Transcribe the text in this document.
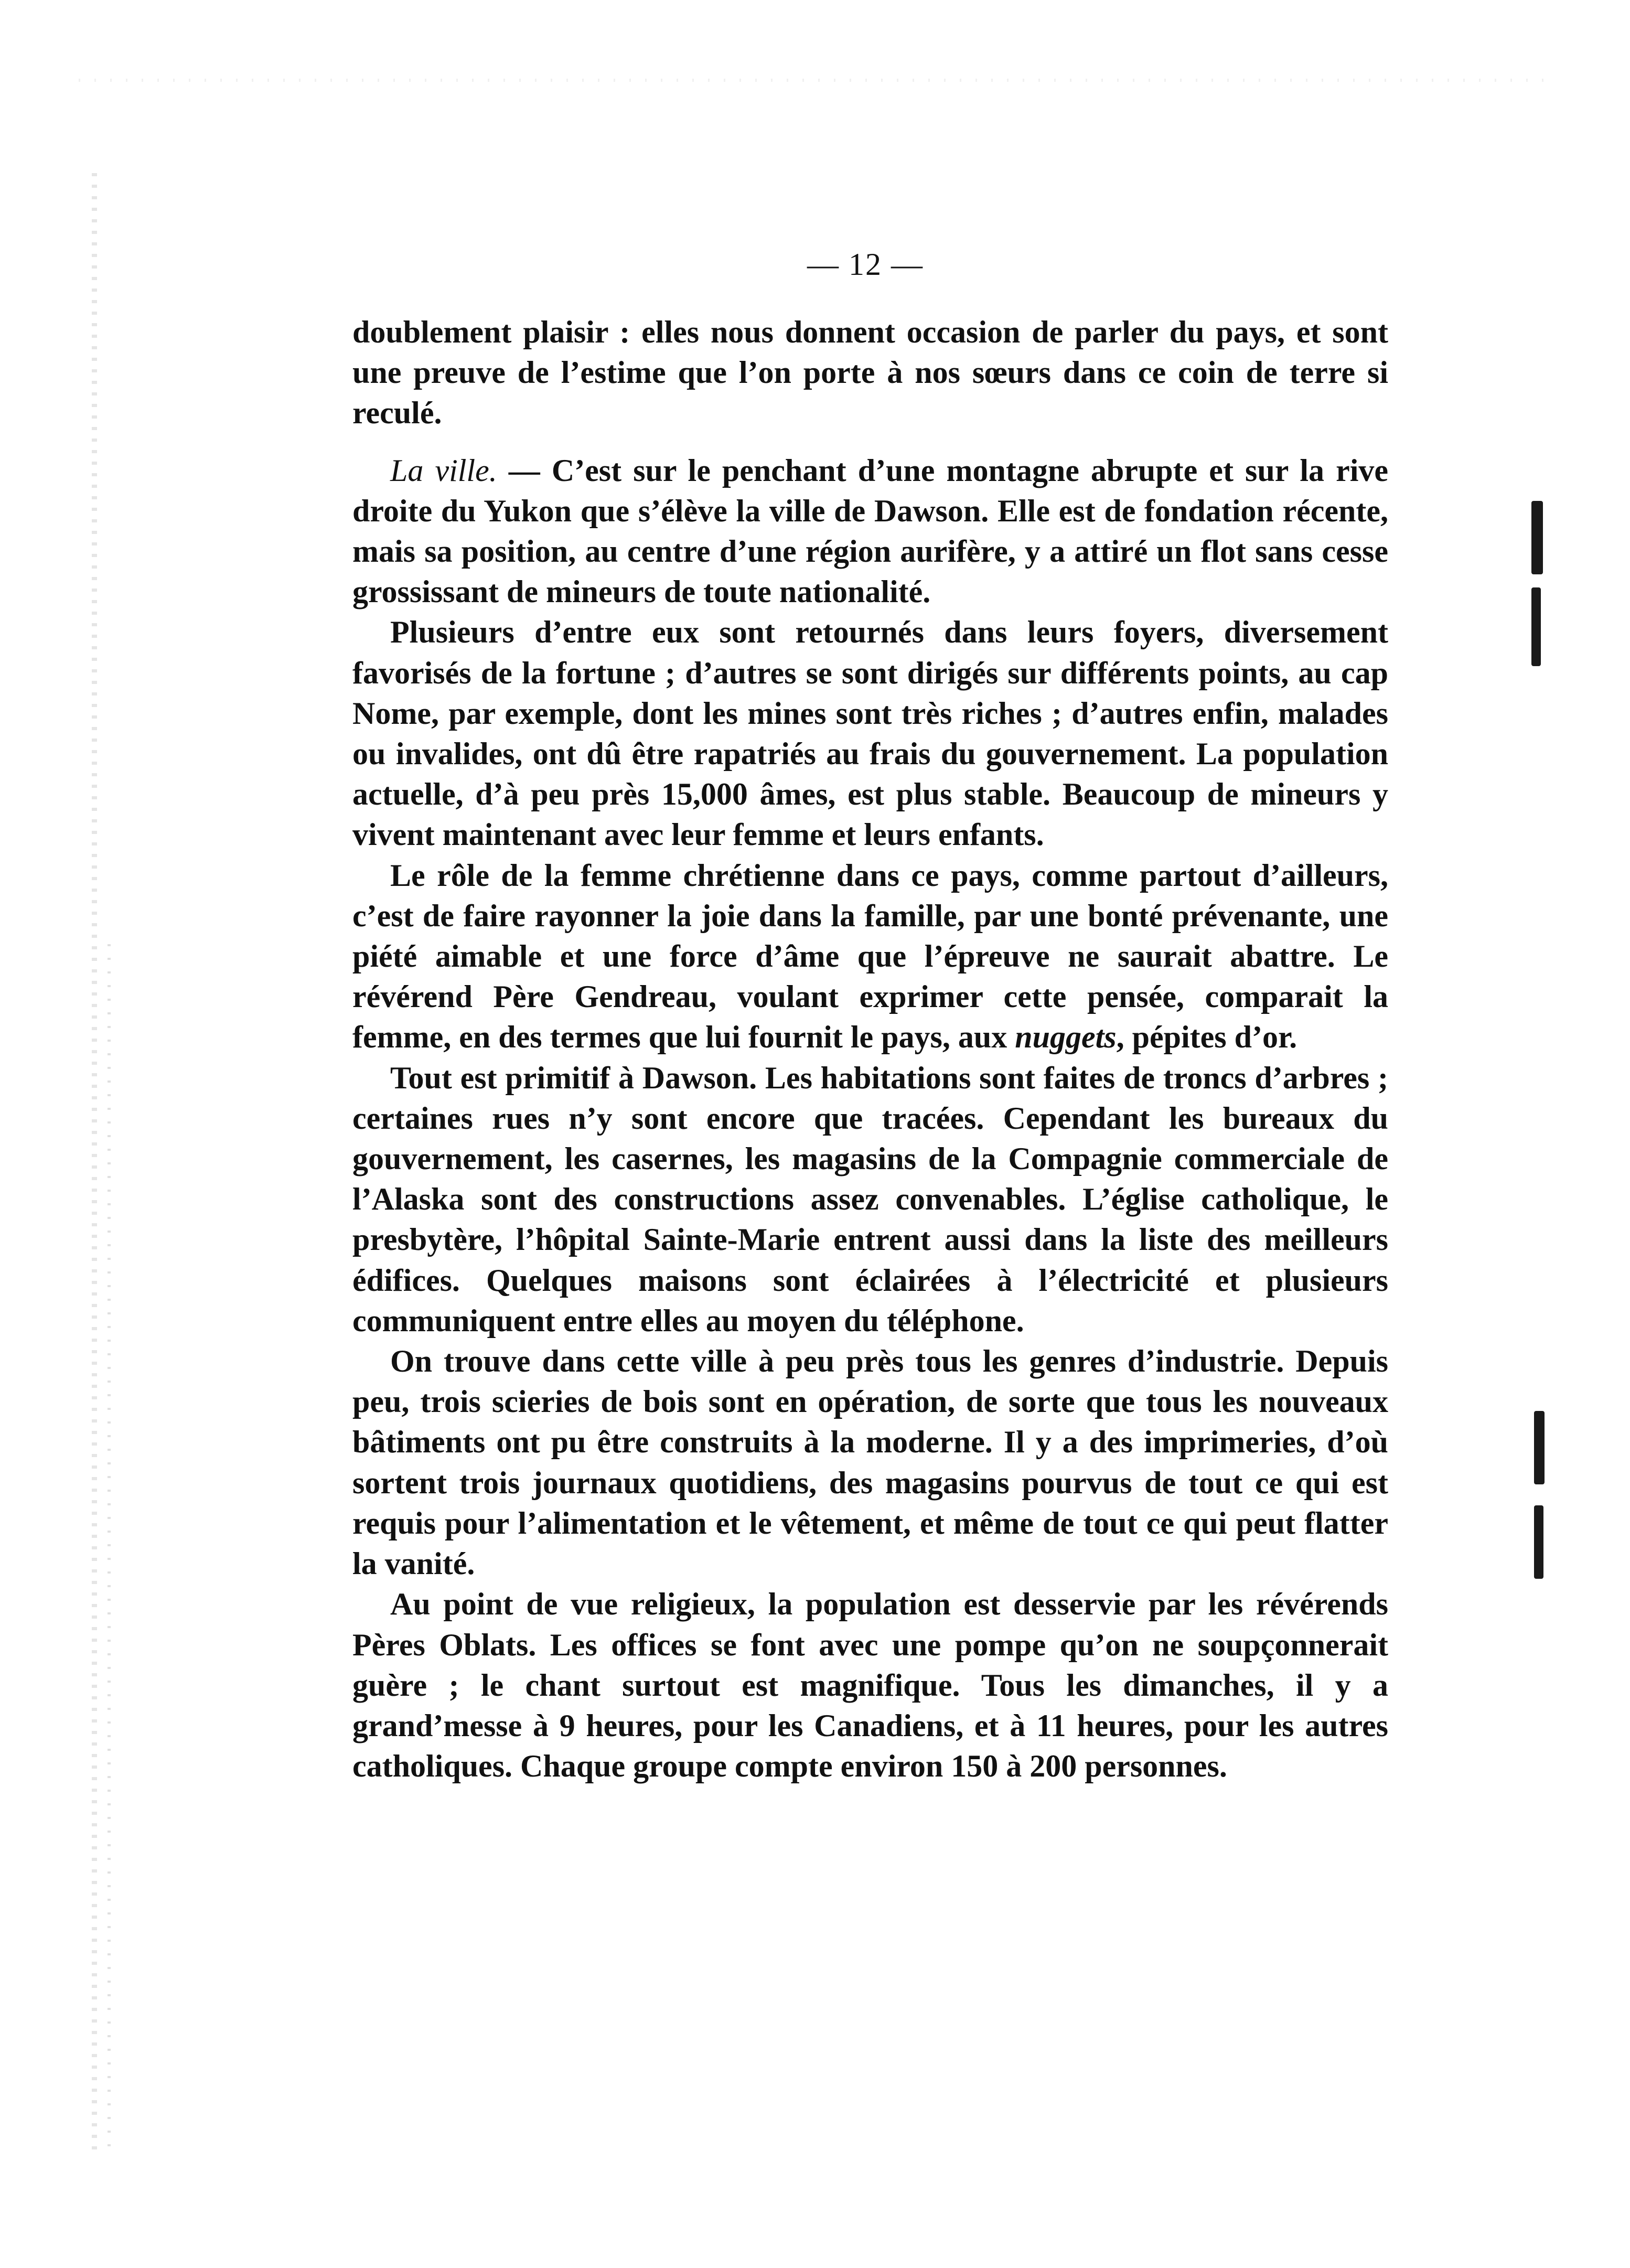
— 12 —

doublement plaisir : elles nous donnent occasion de parler du pays, et sont une preuve de l’estime que l’on porte à nos sœurs dans ce coin de terre si reculé.

La ville. — C’est sur le penchant d’une montagne abrupte et sur la rive droite du Yukon que s’élève la ville de Dawson. Elle est de fondation récente, mais sa position, au centre d’une région aurifère, y a attiré un flot sans cesse grossissant de mineurs de toute nationalité.

Plusieurs d’entre eux sont retournés dans leurs foyers, diversement favorisés de la fortune ; d’autres se sont dirigés sur différents points, au cap Nome, par exemple, dont les mines sont très riches ; d’autres enfin, malades ou invalides, ont dû être rapatriés au frais du gouvernement. La population actuelle, d’à peu près 15,000 âmes, est plus stable. Beaucoup de mineurs y vivent maintenant avec leur femme et leurs enfants.

Le rôle de la femme chrétienne dans ce pays, comme partout d’ailleurs, c’est de faire rayonner la joie dans la famille, par une bonté prévenante, une piété aimable et une force d’âme que l’épreuve ne saurait abattre. Le révérend Père Gendreau, voulant exprimer cette pensée, comparait la femme, en des termes que lui fournit le pays, aux nuggets, pépites d’or.

Tout est primitif à Dawson. Les habitations sont faites de troncs d’arbres ; certaines rues n’y sont encore que tracées. Cependant les bureaux du gouvernement, les casernes, les magasins de la Compagnie commerciale de l’Alaska sont des constructions assez convenables. L’église catholique, le presbytère, l’hôpital Sainte-Marie entrent aussi dans la liste des meilleurs édifices. Quelques maisons sont éclairées à l’électricité et plusieurs communiquent entre elles au moyen du téléphone.

On trouve dans cette ville à peu près tous les genres d’industrie. Depuis peu, trois scieries de bois sont en opération, de sorte que tous les nouveaux bâtiments ont pu être construits à la moderne. Il y a des imprimeries, d’où sortent trois journaux quotidiens, des magasins pourvus de tout ce qui est requis pour l’alimentation et le vêtement, et même de tout ce qui peut flatter la vanité.

Au point de vue religieux, la population est desservie par les révérends Pères Oblats. Les offices se font avec une pompe qu’on ne soupçonnerait guère ; le chant surtout est magnifique. Tous les dimanches, il y a grand’messe à 9 heures, pour les Canadiens, et à 11 heures, pour les autres catholiques. Chaque groupe compte environ 150 à 200 personnes.
